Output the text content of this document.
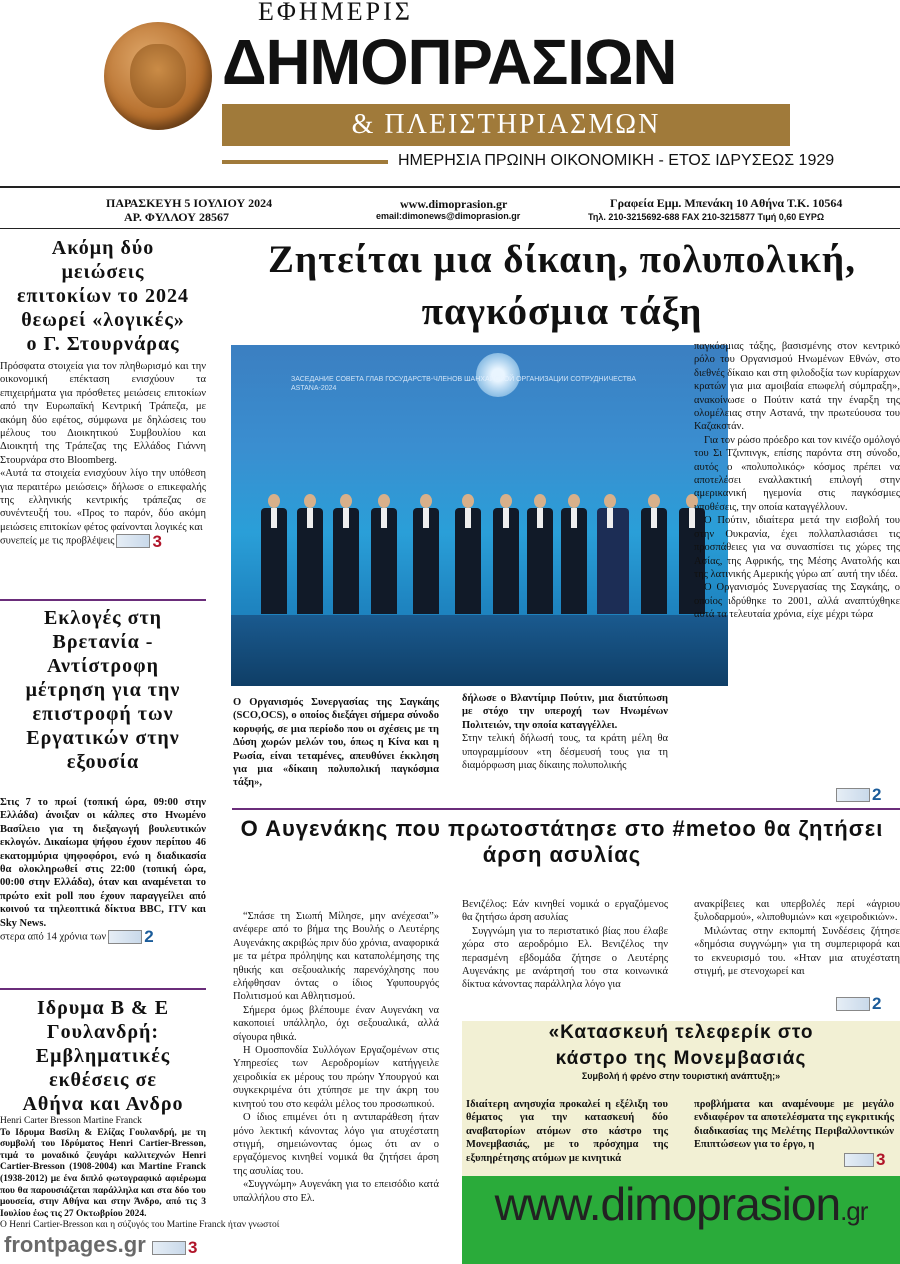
ΕΦΗΜΕΡΙΣ
ΔΗΜΟΠΡΑΣΙΩΝ
& ΠΛΕΙΣΤΗΡΙΑΣΜΩΝ
ΗΜΕΡΗΣΙΑ ΠΡΩΙΝΗ ΟΙΚΟΝΟΜΙΚΗ - ΕΤΟΣ ΙΔΡΥΣΕΩΣ 1929
ΠΑΡΑΣΚΕΥΗ 5 ΙΟΥΛΙΟΥ 2024
ΑΡ. ΦΥΛΛΟΥ 28567
www.dimoprasion.gr
email:dimonews@dimoprasion.gr
Γραφεία Εμμ. Μπενάκη 10 Αθήνα Τ.Κ. 10564
Τηλ. 210-3215692-688 FAX 210-3215877 Τιμή 0,60 ΕΥΡΩ
Ακόμη δύο
μειώσεις
επιτοκίων το 2024
θεωρεί «λογικές»
ο Γ. Στουρνάρας
Πρόσφατα στοιχεία για τον πληθωρισμό και την οικονομική επέκταση ενισχύουν τα επιχειρήματα για πρόσθετες μειώσεις επιτοκίων από την Ευρωπαϊκή Κεντρική Τράπεζα, με ακόμη δύο εφέτος, σύμφωνα με δηλώσεις του μέλους του Διοικητικού Συμβουλίου και Διοικητή της Τράπεζας της Ελλάδος Γιάννη Στουρνάρα στο Bloomberg.
«Αυτά τα στοιχεία ενισχύουν λίγο την υπόθεση για περαιτέρω μειώσεις» δήλωσε ο επικεφαλής της ελληνικής κεντρικής τράπεζας σε συνέντευξή του. «Προς το παρόν, δύο ακόμη μειώσεις επιτοκίων φέτος φαίνονται λογικές και
συνεπείς με τις προβλέψεις 3
Εκλογές στη
Βρετανία -
Αντίστροφη
μέτρηση για την
επιστροφή των
Εργατικών στην
εξουσία
Στις 7 το πρωί (τοπική ώρα, 09:00 στην Ελλάδα) άνοιξαν οι κάλπες στο Ηνωμένο Βασίλειο για τη διεξαγωγή βουλευτικών εκλογών. Δικαίωμα ψήφου έχουν περίπου 46 εκατομμύρια ψηφοφόροι, ενώ η διαδικασία θα ολοκληρωθεί στις 22:00 (τοπική ώρα, 00:00 στην Ελλάδα), όταν και αναμένεται το πρώτο exit poll που έχουν παραγγείλει από κοινού τα τηλεοπτικά δίκτυα BBC, ITV και Sky News.
στερα από 14 χρόνια των 2
Ιδρυμα Β & Ε
Γουλανδρή:
Εμβληματικές
εκθέσεις σε
Αθήνα και Ανδρο
Henri Carter Bresson Martine Franck
Το Ιδρυμα Βασίλη & Ελίζας Γουλανδρή, με τη συμβολή του Ιδρύματος Henri Cartier-Bresson, τιμά το μοναδικό ζευγάρι καλλιτεχνών Henri Cartier-Bresson (1908-2004) και Martine Franck (1938-2012) με ένα διπλό φωτογραφικό αφιέρωμα που θα παρουσιάζεται παράλληλα και στα δύο του μουσεία, στην Αθήνα και στην Άνδρο, από τις 3 Ιουλίου έως τις 27 Οκτωβρίου 2024.
Ο Henri Cartier-Bresson και η σύζυγός του Martine Franck ήταν γνωστοί
3
Ζητείται μια δίκαιη, πολυπολική, παγκόσμια τάξη
ЗАСЕДАНИЕ СОВЕТА ГЛАВ ГОСУДАРСТВ-ЧЛЕНОВ ШАНХАЙСКОЙ ОРГАНИЗАЦИИ СОТРУДНИЧЕСТВА
ASTANA-2024
Ο Οργανισμός Συνεργασίας της Σαγκάης (SCO,OCS), ο οποίος διεξάγει σήμερα σύνοδο κορυφής, σε μια περίοδο που οι σχέσεις με τη Δύση χωρών μελών του, όπως η Κίνα και η Ρωσία, είναι τεταμένες, απευθύνει έκκληση για μια «δίκαιη πολυπολική παγκόσμια τάξη»,
δήλωσε ο Βλαντίμιρ Πούτιν, μια διατύπωση με στόχο την υπεροχή των Ηνωμένων Πολιτειών, την οποία καταγγέλλει.
Στην τελική δήλωσή τους, τα κράτη μέλη θα υπογραμμίσουν «τη δέσμευσή τους για τη διαμόρφωση μιας δίκαιης πολυπολικής
παγκόσμιας τάξης, βασισμένης στον κεντρικό ρόλο του Οργανισμού Ηνωμένων Εθνών, στο διεθνές δίκαιο και στη φιλοδοξία των κυρίαρχων κρατών για μια αμοιβαία επωφελή σύμπραξη», ανακοίνωσε ο Πούτιν κατά την έναρξη της ολομέλειας στην Αστανά, την πρωτεύουσα του Καζακστάν.
Για τον ρώσο πρόεδρο και τον κινέζο ομόλογό του Σι Τζινπινγκ, επίσης παρόντα στη σύνοδο, αυτός ο «πολυπολικός» κόσμος πρέπει να αποτελέσει εναλλακτική επιλογή στην αμερικανική ηγεμονία στις παγκόσμιες υποθέσεις, την οποία καταγγέλλουν.
Ο Πούτιν, ιδιαίτερα μετά την εισβολή του στην Ουκρανία, έχει πολλαπλασιάσει τις προσπάθειες για να συνασπίσει τις χώρες της Ασίας, της Αφρικής, της Μέσης Ανατολής και της λατινικής Αμερικής γύρω απ΄ αυτή την ιδέα.
Ο Οργανισμός Συνεργασίας της Σαγκάης, ο οποίος ιδρύθηκε το 2001, αλλά αναπτύχθηκε αυτά τα τελευταία χρόνια, είχε μέχρι τώρα
2
Ο Αυγενάκης που πρωτοστάτησε στο #metoo θα ζητήσει άρση ασυλίας
“Σπάσε τη Σιωπή Μίλησε, μην ανέχεσαι”» ανέφερε από το βήμα της Βουλής ο Λευτέρης Αυγενάκης ακριβώς πριν δύο χρόνια, αναφορικά με τα μέτρα πρόληψης και καταπολέμησης της ηθικής και σεξουαλικής παρενόχλησης που ελήφθησαν όντας ο ίδιος Υφυπουργός Πολιτισμού και Αθλητισμού.
Σήμερα όμως βλέπουμε έναν Αυγενάκη να κακοποιεί υπάλληλο, όχι σεξουαλικά, αλλά σίγουρα ηθικά.
Η Ομοσπονδία Συλλόγων Εργαζομένων στις Υπηρεσίες των Αεροδρομίων κατήγγειλε χειροδικία εκ μέρους του πρώην Υπουργού και συγκεκριμένα ότι χτύπησε με την άκρη του κινητού του στο κεφάλι μέλος του προσωπικού.
Ο ίδιος επιμένει ότι η αντιπαράθεση ήταν μόνο λεκτική κάνοντας λόγο για ατυχέστατη στιγμή, σημειώνοντας όμως ότι αν ο εργαζόμενος κινηθεί νομικά θα ζητήσει άρση της ασυλίας του.
«Συγγνώμη» Αυγενάκη για το επεισόδιο κατά υπαλλήλου στο Ελ.
Βενιζέλος: Εάν κινηθεί νομικά ο εργαζόμενος θα ζητήσω άρση ασυλίας
Συγγνώμη για το περιστατικό βίας που έλαβε χώρα στο αεροδρόμιο Ελ. Βενιζέλος την περασμένη εβδομάδα ζήτησε ο Λευτέρης Αυγενάκης με ανάρτησή του στα κοινωνικά δίκτυα κάνοντας παράλληλα λόγο για
ανακρίβειες και υπερβολές περί «άγριου ξυλοδαρμού», «λιποθυμιών» και «χειροδικιών».
Μιλώντας στην εκπομπή Συνδέσεις ζήτησε «δημόσια συγγνώμη» για τη συμπεριφορά και το εκνευρισμό του. «Ηταν μια ατυχέστατη στιγμή, με στενοχωρεί και
2
«Κατασκευή τελεφερίκ στο
κάστρο της Μονεμβασιάς
Συμβολή ή φρένο στην τουριστική ανάπτυξη;»
Ιδιαίτερη ανησυχία προκαλεί η εξέλιξη του θέματος για την κατασκευή δύο αναβατορίων ατόμων στο κάστρο της Μονεμβασιάς, με το πρόσχημα της εξυπηρέτησης ατόμων με κινητικά
προβλήματα και αναμένουμε με μεγάλο ενδιαφέρον τα αποτελέσματα της εγκριτικής διαδικασίας της Μελέτης Περιβαλλοντικών Επιπτώσεων για το έργο, η
3
www.dimoprasion.gr
frontpages.gr
